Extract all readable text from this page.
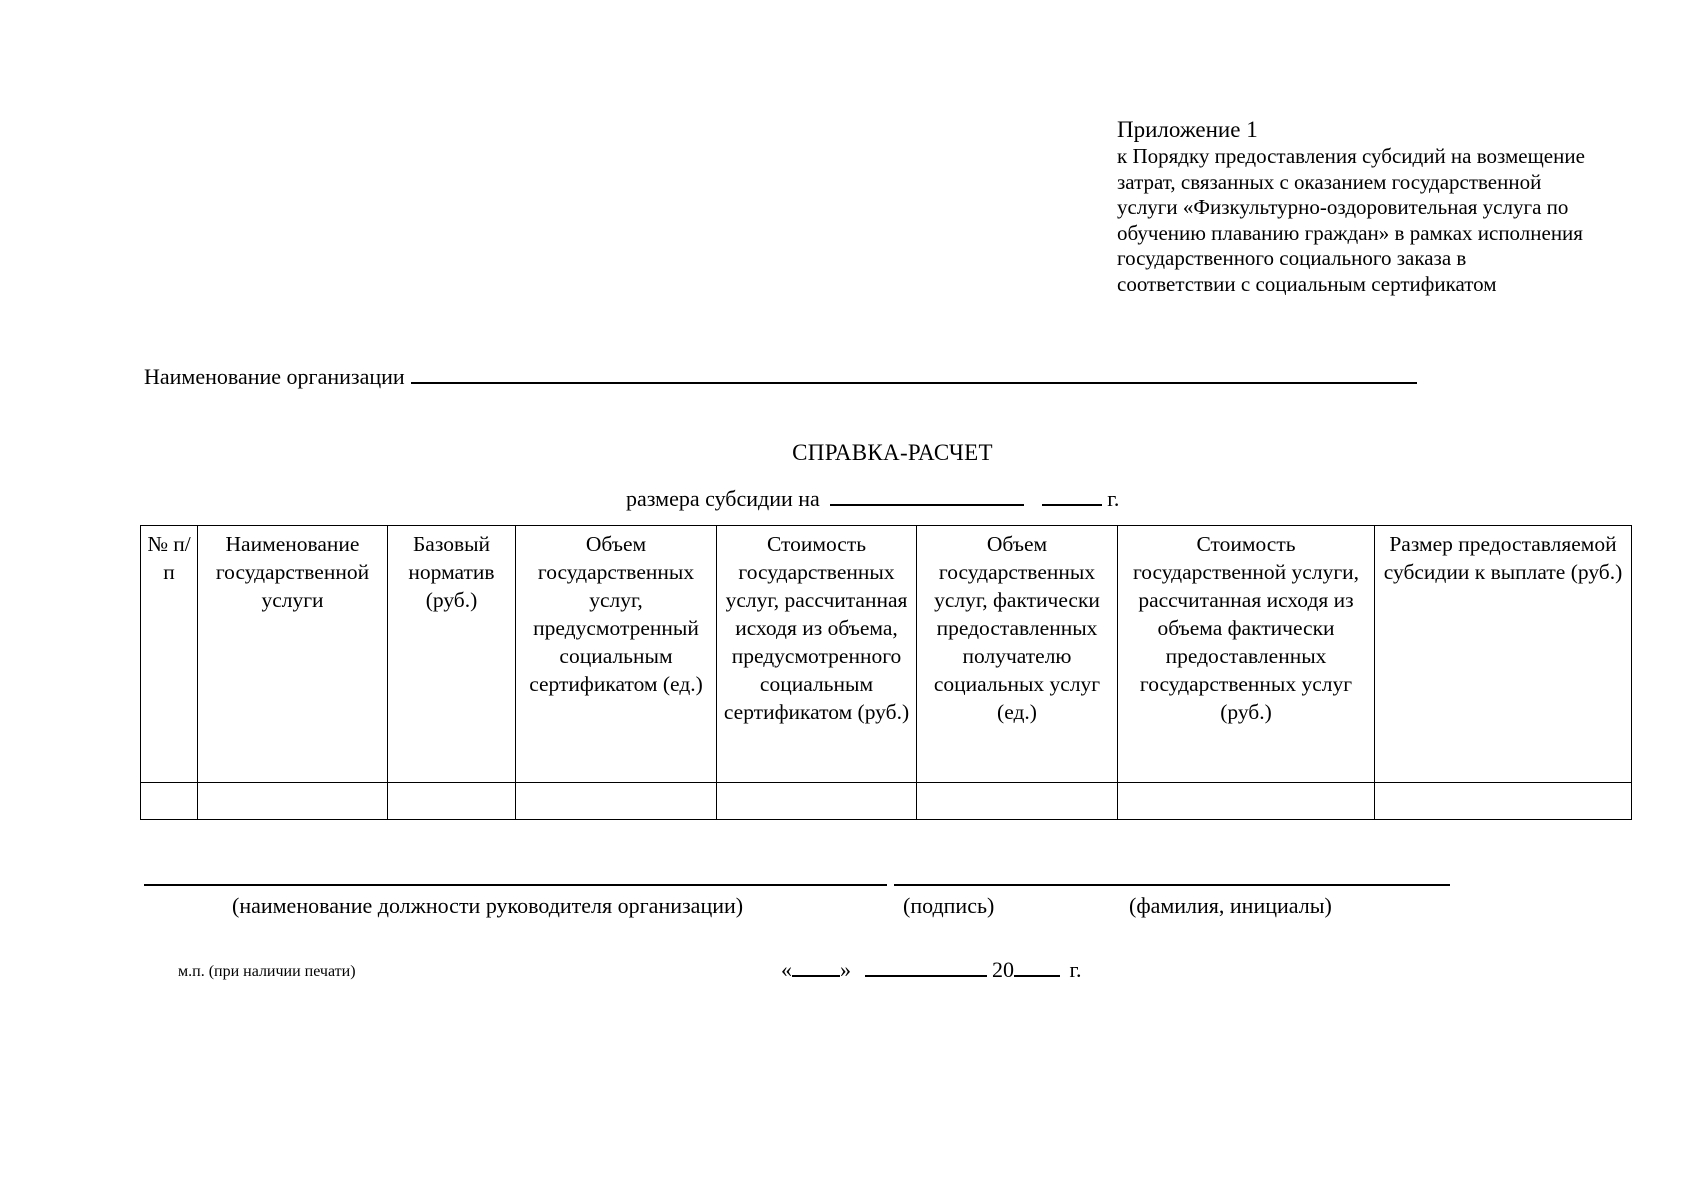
Приложение 1
к Порядку предоставления субсидий на возмещение
затрат, связанных с оказанием государственной
услуги «Физкультурно-оздоровительная услуга по
обучению плаванию граждан» в рамках исполнения
государственного социального заказа в
соответствии с социальным сертификатом
Наименование организации
СПРАВКА-РАСЧЕТ
размера субсидии на	г.
№ п/п	Наименование государственной услуги	Базовый норматив (руб.)	Объем государственных услуг, предусмотренный социальным сертификатом (ед.)	Стоимость государственных услуг, рассчитанная исходя из объема, предусмотренного социальным сертификатом (руб.)	Объем государственных услуг, фактически предоставленных получателю социальных услуг (ед.)	Стоимость государственной услуги, рассчитанная исходя из объема фактически предоставленных государственных услуг (руб.)	Размер предоставляемой субсидии к выплате (руб.)

(наименование должности руководителя организации)	(подпись)	(фамилия, инициалы)
м.п. (при наличии печати)	« »	20	г.
